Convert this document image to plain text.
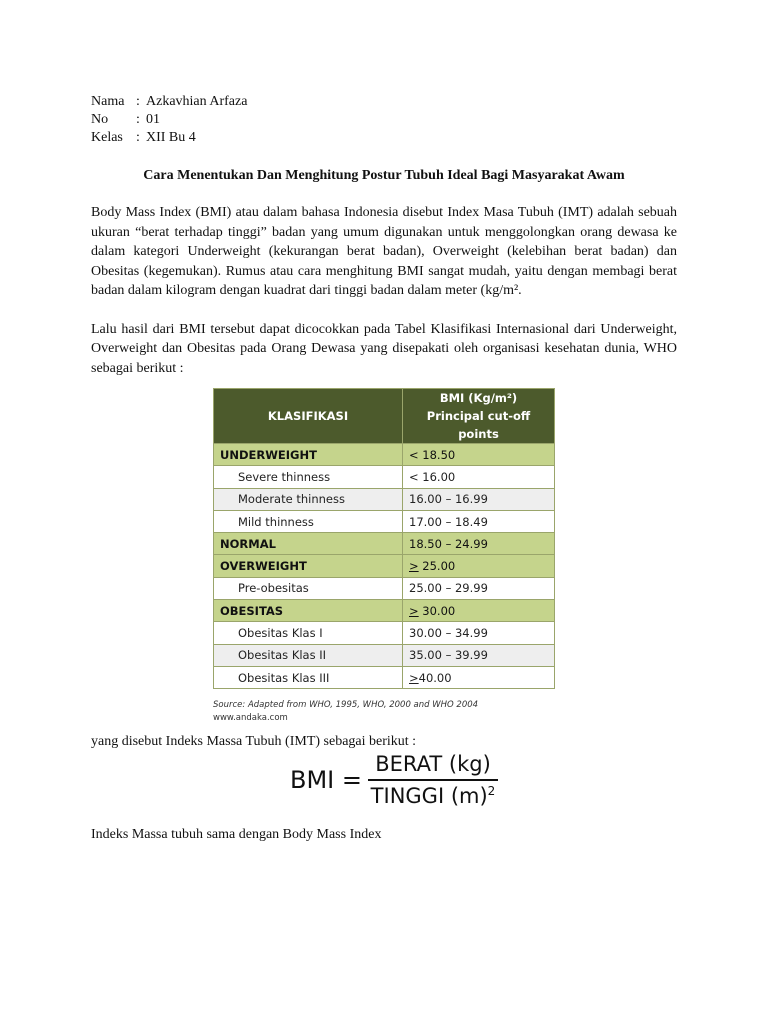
Nama : Azkavhian Arfaza
No	: 01
Kelas : XII Bu 4
Cara Menentukan Dan Menghitung Postur Tubuh Ideal Bagi Masyarakat Awam

Body Mass Index (BMI) atau dalam bahasa Indonesia disebut Index Masa Tubuh (IMT) adalah sebuah ukuran “berat terhadap tinggi” badan yang umum digunakan untuk menggolongkan orang dewasa ke dalam kategori Underweight (kekurangan berat badan), Overweight (kelebihan berat badan) dan Obesitas (kegemukan). Rumus atau cara menghitung BMI sangat mudah, yaitu dengan membagi berat badan dalam kilogram dengan kuadrat dari tinggi badan dalam meter (kg/m².

Lalu hasil dari BMI tersebut dapat dicocokkan pada Tabel Klasifikasi Internasional dari Underweight, Overweight dan Obesitas pada Orang Dewasa yang disepakati oleh organisasi kesehatan dunia, WHO sebagai berikut :

KLASIFIKASI	BMI (Kg/m²)
Principal cut-off points

UNDERWEIGHT	< 18.50
Severe thinness	< 16.00
Moderate thinness	16.00 – 16.99
Mild thinness	17.00 – 18.49
NORMAL	18.50 – 24.99
OVERWEIGHT	> 25.00
Pre-obesitas	25.00 – 29.99
OBESITAS	> 30.00
Obesitas Klas I	30.00 – 34.99
Obesitas Klas II	35.00 – 39.99
Obesitas Klas III	>40.00
Source: Adapted from WHO, 1995, WHO, 2000 and WHO 2004
www.andaka.com
yang disebut Indeks Massa Tubuh (IMT) sebagai berikut :
BMI = $\frac{\text{BERAT (kg)}}{TINGGI (m)^2}$
Indeks Massa tubuh sama dengan Body Mass Index
